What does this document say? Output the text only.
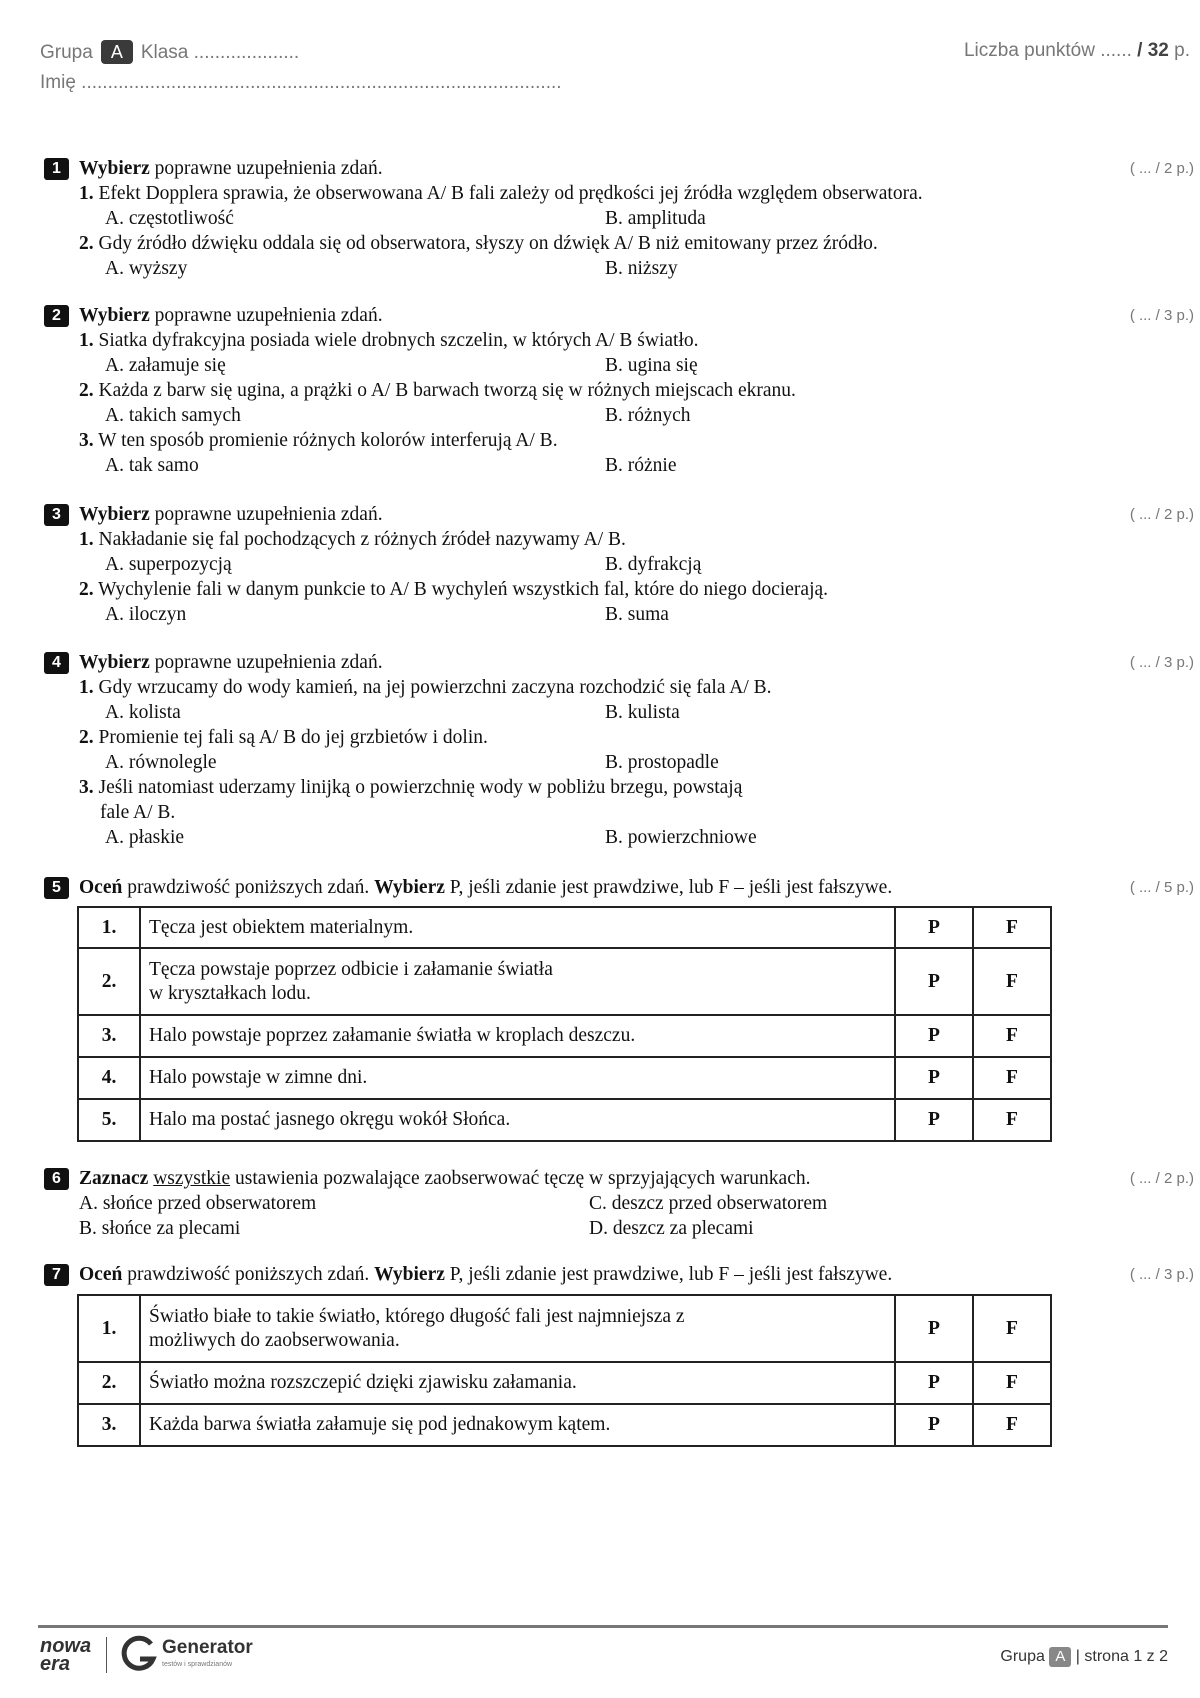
Grupa A Klasa ....................
Imię ...........................................................................................
Liczba punktów ...... / 32 p.
1 Wybierz poprawne uzupełnienia zdań.	( ... / 2 p.)
1. Efekt Dopplera sprawia, że obserwowana A/ B fali zależy od prędkości jej źródła względem obserwatora.
A. częstotliwość	B. amplituda
2. Gdy źródło dźwięku oddala się od obserwatora, słyszy on dźwięk A/ B niż emitowany przez źródło.
A. wyższy	B. niższy
2 Wybierz poprawne uzupełnienia zdań.	( ... / 3 p.)
1. Siatka dyfrakcyjna posiada wiele drobnych szczelin, w których A/ B światło.
A. załamuje się	B. ugina się
2. Każda z barw się ugina, a prążki o A/ B barwach tworzą się w różnych miejscach ekranu.
A. takich samych	B. różnych
3. W ten sposób promienie różnych kolorów interferują A/ B.
A. tak samo	B. różnie
3 Wybierz poprawne uzupełnienia zdań.	( ... / 2 p.)
1. Nakładanie się fal pochodzących z różnych źródeł nazywamy A/ B.
A. superpozycją	B. dyfrakcją
2. Wychylenie fali w danym punkcie to A/ B wychyleń wszystkich fal, które do niego docierają.
A. iloczyn	B. suma
4 Wybierz poprawne uzupełnienia zdań.	( ... / 3 p.)
1. Gdy wrzucamy do wody kamień, na jej powierzchni zaczyna rozchodzić się fala A/ B.
A. kolista	B. kulista
2. Promienie tej fali są A/ B do jej grzbietów i dolin.
A. równolegle	B. prostopadle
3. Jeśli natomiast uderzamy linijką o powierzchnię wody w pobliżu brzegu, powstają
fale A/ B.
A. płaskie	B. powierzchniowe
5 Oceń prawdziwość poniższych zdań. Wybierz P, jeśli zdanie jest prawdziwe, lub F – jeśli jest fałszywe.	( ... / 5 p.)
1.	Tęcza jest obiektem materialnym.	P	F
2.	Tęcza powstaje poprzez odbicie i załamanie światła
w kryształkach lodu.	P	F
3.	Halo powstaje poprzez załamanie światła w kroplach deszczu.	P	F
4.	Halo powstaje w zimne dni.	P	F
5.	Halo ma postać jasnego okręgu wokół Słońca.	P	F
6 Zaznacz wszystkie ustawienia pozwalające zaobserwować tęczę w sprzyjających warunkach.	( ... / 2 p.)
A. słońce przed obserwatorem	C. deszcz przed obserwatorem
B. słońce za plecami	D. deszcz za plecami
7 Oceń prawdziwość poniższych zdań. Wybierz P, jeśli zdanie jest prawdziwe, lub F – jeśli jest fałszywe.	( ... / 3 p.)
1.	Światło białe to takie światło, którego długość fali jest najmniejsza z
możliwych do zaobserwowania.	P	F
2.	Światło można rozszczepić dzięki zjawisku załamania.	P	F
3.	Każda barwa światła załamuje się pod jednakowym kątem.	P	F
nowa
era
Generator
testów i sprawdzianów	Grupa A | strona 1 z 2
